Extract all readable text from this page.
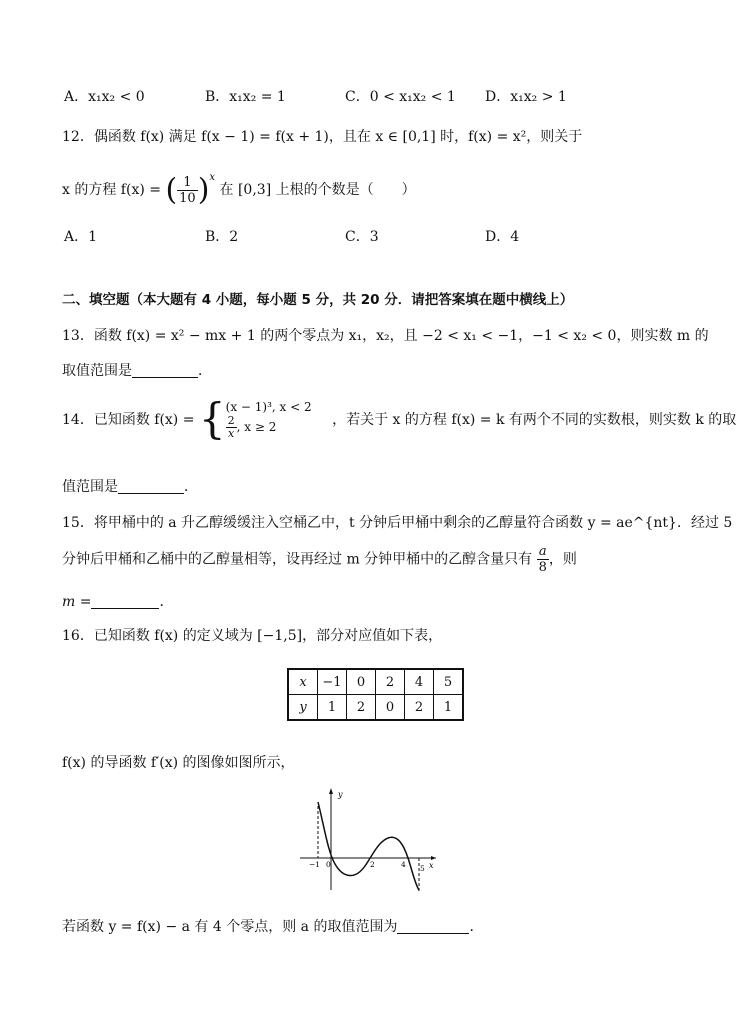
A．x₁x₂ < 0	B．x₁x₂ = 1	C．0 < x₁x₂ < 1 D．x₁x₂ > 1
12．偶函数 f(x) 满足 f(x − 1) = f(x + 1)，且在 x ∈ [0,1] 时，f(x) = x²，则关于
x 的方程 f(x) = ( $\frac{1}{10} )^x$ 在 [0,3] 上根的个数是（　　）
A．1	B．2	C．3	D．4
二、填空题（本大题有 4 小题，每小题 5 分，共 20 分．请把答案填在题中横线上）
13．函数 f(x) = x² − mx + 1 的两个零点为 x₁，x₂，且 −2 < x₁ < −1，−1 < x₂ < 0，则实数 m 的
取值范围是	．
14．已知函数 f(x) = { (x − 1)³, x < 2
$\frac{2}{x}$ , x ≥ 2	，若关于 x 的方程 f(x) = k 有两个不同的实数根，则实数 k 的取
值范围是	．
15．将甲桶中的 a 升乙醇缓缓注入空桶乙中，t 分钟后甲桶中剩余的乙醇量符合函数 y = ae^{nt}．经过 5
分钟后甲桶和乙桶中的乙醇量相等，设再经过 m 分钟甲桶中的乙醇含量只有 $\frac{a}{8}$ ，则
m =	．
16．已知函数 f(x) 的定义域为 [−1,5]，部分对应值如下表，
x	−1	0	2	4	5
y	1	2	0	2	1
f(x) 的导函数 f′(x) 的图像如图所示，
y
x
−1 0	2	4 5
若函数 y = f(x) − a 有 4 个零点，则 a 的取值范围为	．
